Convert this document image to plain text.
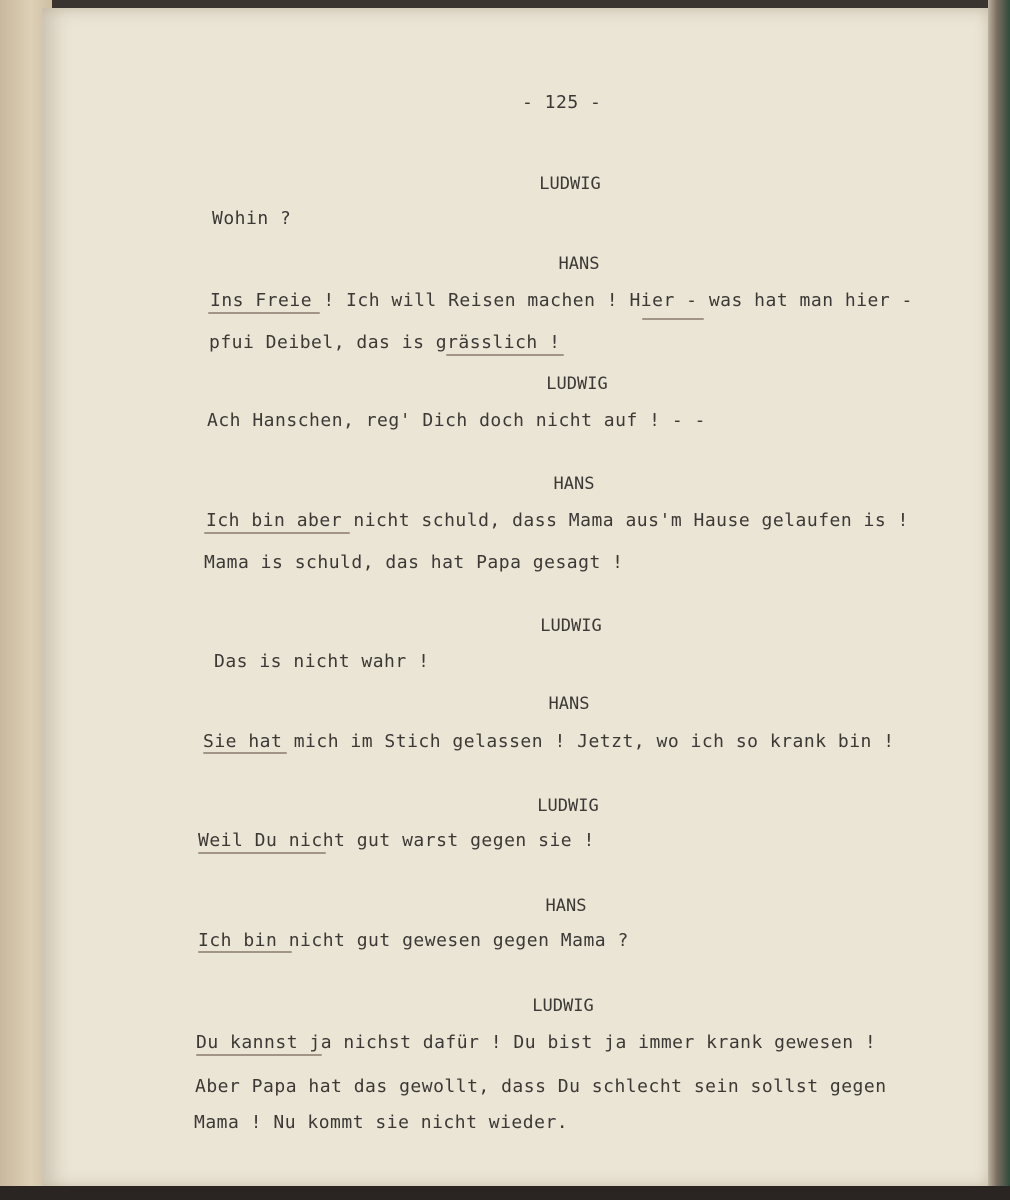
- 125 -
LUDWIG
Wohin ?
HANS
Ins Freie ! Ich will Reisen machen ! Hier - was hat man hier -
pfui Deibel, das is grässlich !
LUDWIG
Ach Hanschen, reg' Dich doch nicht auf ! - -
HANS
Ich bin aber nicht schuld, dass Mama aus'm Hause gelaufen is !
Mama is schuld, das hat Papa gesagt !
LUDWIG
Das is nicht wahr !
HANS
Sie hat mich im Stich gelassen ! Jetzt, wo ich so krank bin !
LUDWIG
Weil Du nicht gut warst gegen sie !
HANS
Ich bin nicht gut gewesen gegen Mama ?
LUDWIG
Du kannst ja nichst dafür ! Du bist ja immer krank gewesen !
Aber Papa hat das gewollt, dass Du schlecht sein sollst gegen
Mama ! Nu kommt sie nicht wieder.
